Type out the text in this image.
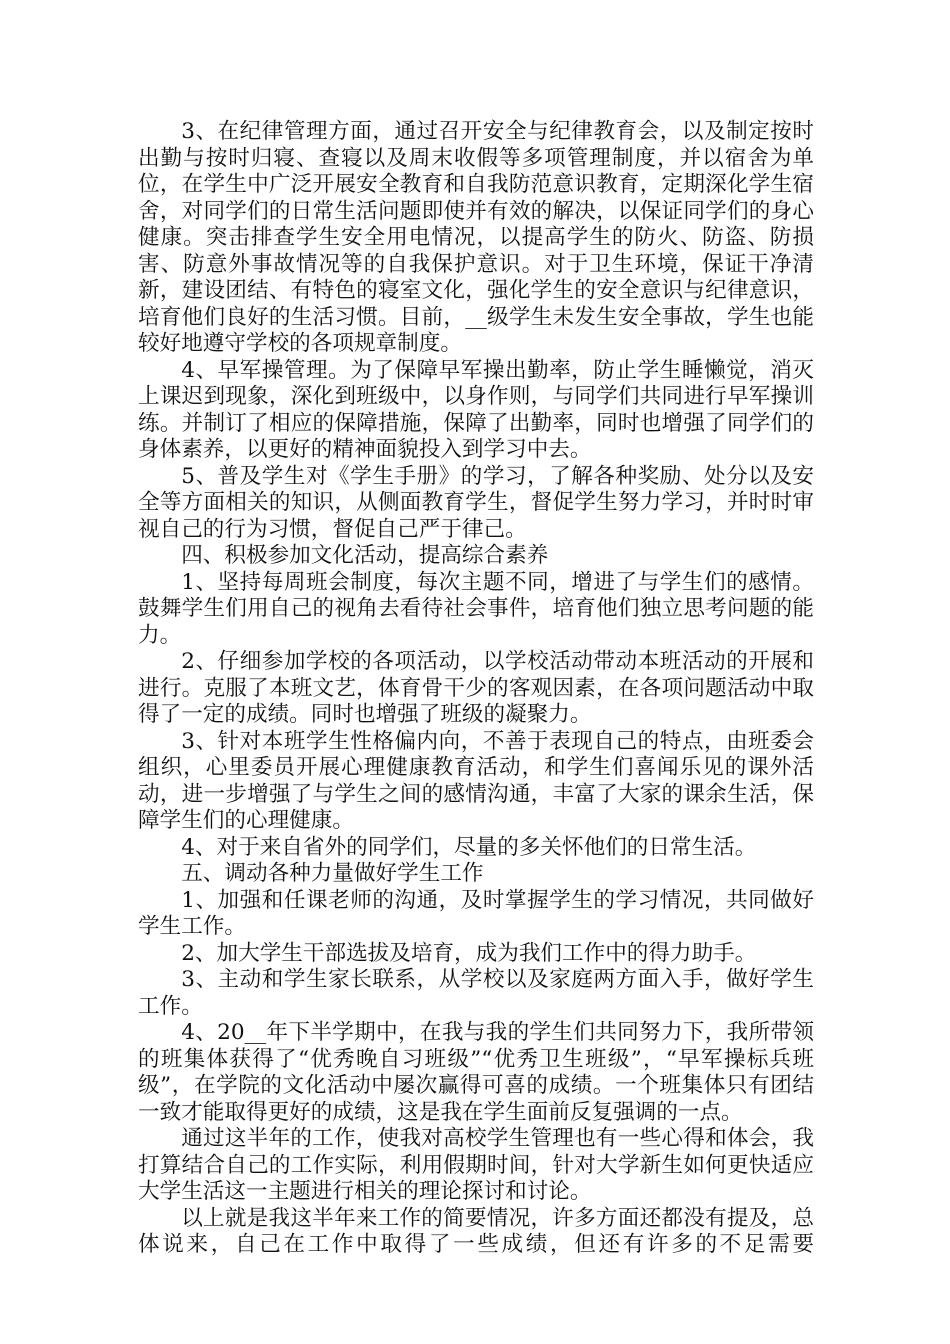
3、在纪律管理方面，通过召开安全与纪律教育会，以及制定按时出勤与按时归寝、查寝以及周末收假等多项管理制度，并以宿舍为单位，在学生中广泛开展安全教育和自我防范意识教育，定期深化学生宿舍，对同学们的日常生活问题即使并有效的解决，以保证同学们的身心健康。突击排查学生安全用电情况，以提高学生的防火、防盗、防损害、防意外事故情况等的自我保护意识。对于卫生环境，保证干净清新，建设团结、有特色的寝室文化，强化学生的安全意识与纪律意识，培育他们良好的生活习惯。目前，__级学生未发生安全事故，学生也能较好地遵守学校的各项规章制度。

4、早军操管理。为了保障早军操出勤率，防止学生睡懒觉，消灭上课迟到现象，深化到班级中，以身作则，与同学们共同进行早军操训练。并制订了相应的保障措施，保障了出勤率，同时也增强了同学们的身体素养，以更好的精神面貌投入到学习中去。

5、普及学生对《学生手册》的学习，了解各种奖励、处分以及安全等方面相关的知识，从侧面教育学生，督促学生努力学习，并时时审视自己的行为习惯，督促自己严于律己。

四、积极参加文化活动，提高综合素养

1、坚持每周班会制度，每次主题不同，增进了与学生们的感情。鼓舞学生们用自己的视角去看待社会事件，培育他们独立思考问题的能力。

2、仔细参加学校的各项活动，以学校活动带动本班活动的开展和进行。克服了本班文艺，体育骨干少的客观因素，在各项问题活动中取得了一定的成绩。同时也增强了班级的凝聚力。

3、针对本班学生性格偏内向，不善于表现自己的特点，由班委会组织，心里委员开展心理健康教育活动，和学生们喜闻乐见的课外活动，进一步增强了与学生之间的感情沟通，丰富了大家的课余生活，保障学生们的心理健康。

4、对于来自省外的同学们，尽量的多关怀他们的日常生活。

五、调动各种力量做好学生工作

1、加强和任课老师的沟通，及时掌握学生的学习情况，共同做好学生工作。

2、加大学生干部选拔及培育，成为我们工作中的得力助手。

3、主动和学生家长联系，从学校以及家庭两方面入手，做好学生工作。

4、20__年下半学期中，在我与我的学生们共同努力下，我所带领的班集体获得了“优秀晚自习班级”“优秀卫生班级”，“早军操标兵班级”，在学院的文化活动中屡次赢得可喜的成绩。一个班集体只有团结一致才能取得更好的成绩，这是我在学生面前反复强调的一点。

通过这半年的工作，使我对高校学生管理也有一些心得和体会，我打算结合自己的工作实际，利用假期时间，针对大学新生如何更快适应大学生活这一主题进行相关的理论探讨和讨论。

以上就是我这半年来工作的简要情况，许多方面还都没有提及，总体说来，自己在工作中取得了一些成绩，但还有许多的不足需要
